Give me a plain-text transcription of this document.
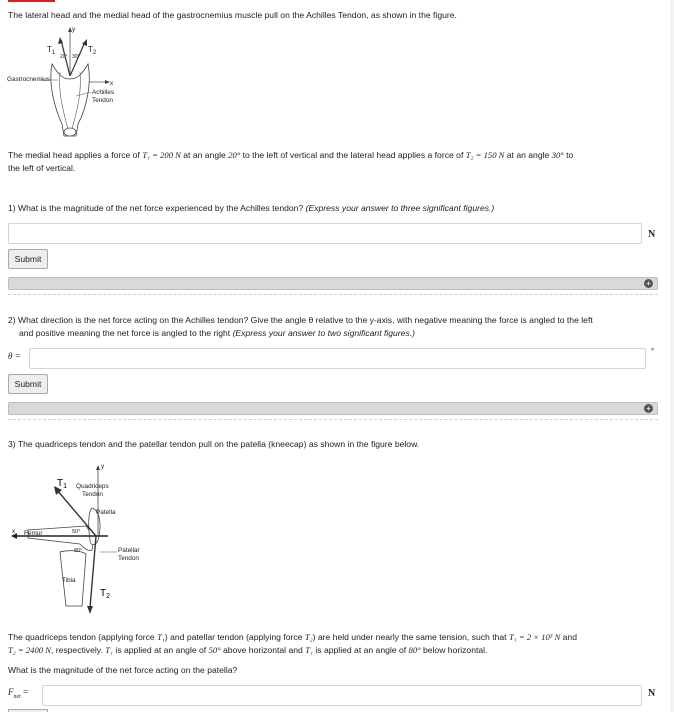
The lateral head and the medial head of the gastrocnemius muscle pull on the Achilles Tendon, as shown in the figure.
y
x
$T_1$	$T_2$
20° 30°
Gastrocnemius
Achilles
Tendon
The medial head applies a force of T₁ = 200 N at an angle 20° to the left of vertical and the lateral head applies a force of T₂ = 150 N at an angle 30° to
the left of vertical.
1) What is the magnitude of the net force experienced by the Achilles tendon? (Express your answer to three significant figures.)
N
Submit
+
2) What direction is the net force acting on the Achilles tendon? Give the angle θ relative to the y-axis, with negative meaning the force is angled to the left
and positive meaning the net force is angled to the right (Express your answer to two significant figures.)
θ =	°
Submit
+
3) The quadriceps tendon and the patellar tendon pull on the patella (kneecap) as shown in the figure below.
x
y
$T_1$
$T_2$
Quadriceps
Tendon
Patella
Femur	50°
80°	Patellar
Tendon
Tibia
The quadriceps tendon (applying force T₁) and patellar tendon (applying force T₂) are held under nearly the same tension, such that T₁ = 2 × 10³ N and
T₂ = 2400 N, respectively. T₁ is applied at an angle of 50° above horizontal and T₁ is applied at an angle of 80° below horizontal.
What is the magnitude of the net force acting on the patella?
$F_{net}$ =	N
